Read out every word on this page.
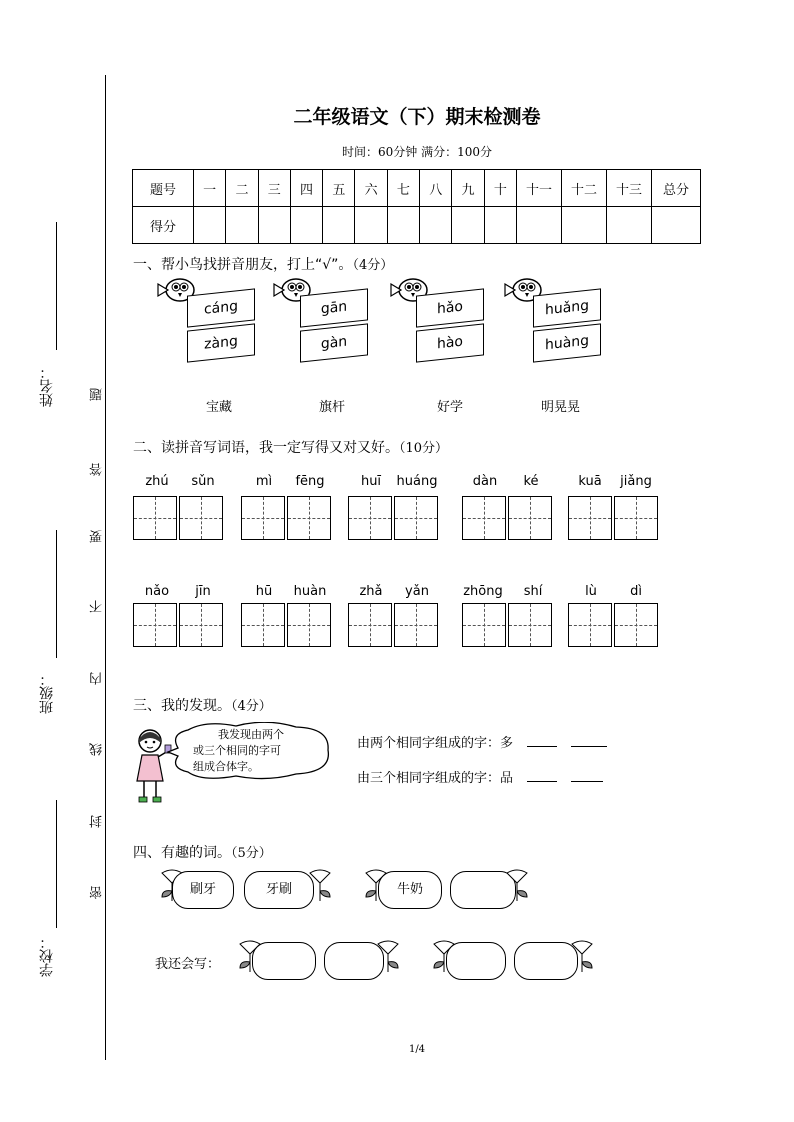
姓名：
班级：
学校：
题
答
要
不
内
线
封
密
二年级语文（下）期末检测卷
时间：60分钟 满分：100分
题号	一	二	三	四	五	六	七	八	九	十	十一	十二	十三	总分
得分														
一、帮小鸟找拼音朋友，打上“√”。（4分）
cáng
zàng
gān
gàn
hǎo
hào
huǎng
huàng
宝藏	旗杆	好学	明晃晃
二、读拼音写词语，我一定写得又对又好。（10分）
zhú	sǔn	mì	fēng	huī	huáng	dàn	ké	kuā	jiǎng
nǎo	jīn	hū	huàn	zhǎ	yǎn	zhōng	shí	lù	dì
三、我的发现。（4分）
我发现由两个
或三个相同的字可
组成合体字。
由两个相同字组成的字：多
由三个相同字组成的字：品
四、有趣的词。（5分）
刷牙	牙刷	牛奶
我还会写：
1/4
